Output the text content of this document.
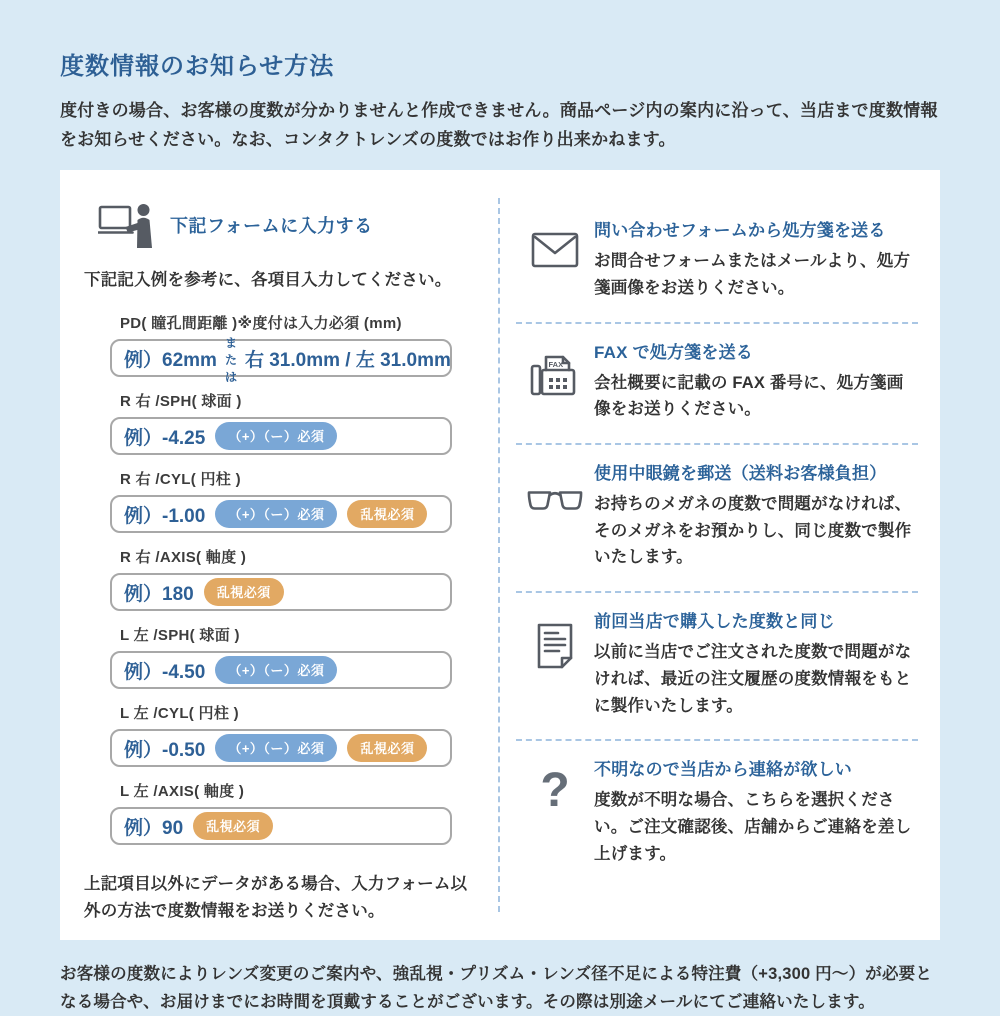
度数情報のお知らせ方法

度付きの場合、お客様の度数が分かりませんと作成できません。商品ページ内の案内に沿って、当店まで度数情報をお知らせください。なお、コンタクトレンズの度数ではお作り出来かねます。

下記フォームに入力する

下記記入例を参考に、各項目入力してください。

PD( 瞳孔間距離 )※度付は入力必須 (mm)
例）62mm
または
右 31.0mm / 左 31.0mm
R 右 /SPH( 球面 )
例）-4.25	（+）（ー）必須
R 右 /CYL( 円柱 )
例）-1.00	（+）（ー）必須	乱視必須
R 右 /AXIS( 軸度 )
例）180	乱視必須
L 左 /SPH( 球面 )
例）-4.50	（+）（ー）必須
L 左 /CYL( 円柱 )
例）-0.50	（+）（ー）必須	乱視必須
L 左 /AXIS( 軸度 )
例）90	乱視必須

上記項目以外にデータがある場合、入力フォーム以外の方法で度数情報をお送りください。

問い合わせフォームから処方箋を送る
お問合せフォームまたはメールより、処方箋画像をお送りください。
FAX
FAX で処方箋を送る
会社概要に記載の FAX 番号に、処方箋画像をお送りください。
使用中眼鏡を郵送（送料お客様負担）
お持ちのメガネの度数で問題がなければ、そのメガネをお預かりし、同じ度数で製作いたします。
前回当店で購入した度数と同じ
以前に当店でご注文された度数で問題がなければ、最近の注文履歴の度数情報をもとに製作いたします。
? 不明なので当店から連絡が欲しい
度数が不明な場合、こちらを選択ください。ご注文確認後、店舗からご連絡を差し上げます。

お客様の度数によりレンズ変更のご案内や、強乱視・プリズム・レンズ径不足による特注費（+3,300 円〜）が必要となる場合や、お届けまでにお時間を頂戴することがございます。その際は別途メールにてご連絡いたします。
